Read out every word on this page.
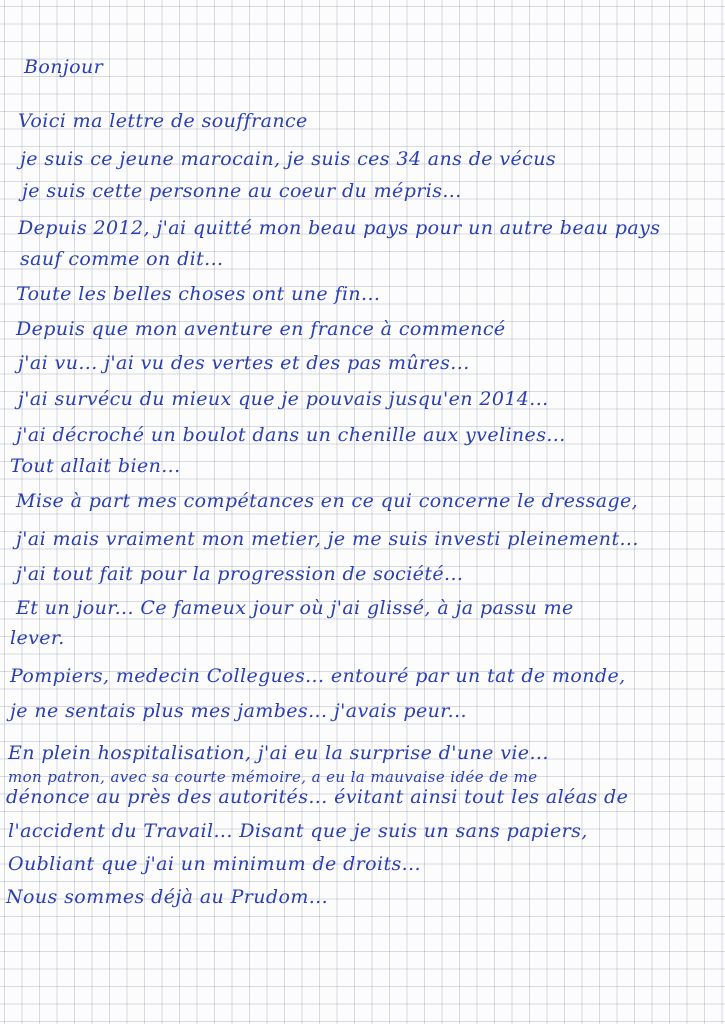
Bonjour
Voici ma lettre de souffrance
je suis ce jeune marocain, je suis ces 34 ans de vécus
je suis cette personne au coeur du mépris...
Depuis 2012, j'ai quitté mon beau pays pour un autre beau pays
sauf comme on dit...
Toute les belles choses ont une fin...
Depuis que mon aventure en france à commencé
j'ai vu... j'ai vu des vertes et des pas mûres...
j'ai survécu du mieux que je pouvais jusqu'en 2014...
j'ai décroché un boulot dans un chenille aux yvelines...
Tout allait bien...
Mise à part mes compétances en ce qui concerne le dressage,
j'ai mais vraiment mon metier, je me suis investi pleinement...
j'ai tout fait pour la progression de société...
Et un jour... Ce fameux jour où j'ai glissé, à ja passu me
lever.
Pompiers, medecin Collegues... entouré par un tat de monde,
je ne sentais plus mes jambes... j'avais peur...
En plein hospitalisation, j'ai eu la surprise d'une vie...
mon patron, avec sa courte mémoire, a eu la mauvaise idée de me
dénonce au près des autorités... évitant ainsi tout les aléas de
l'accident du Travail... Disant que je suis un sans papiers,
Oubliant que j'ai un minimum de droits...
Nous sommes déjà au Prudom...
